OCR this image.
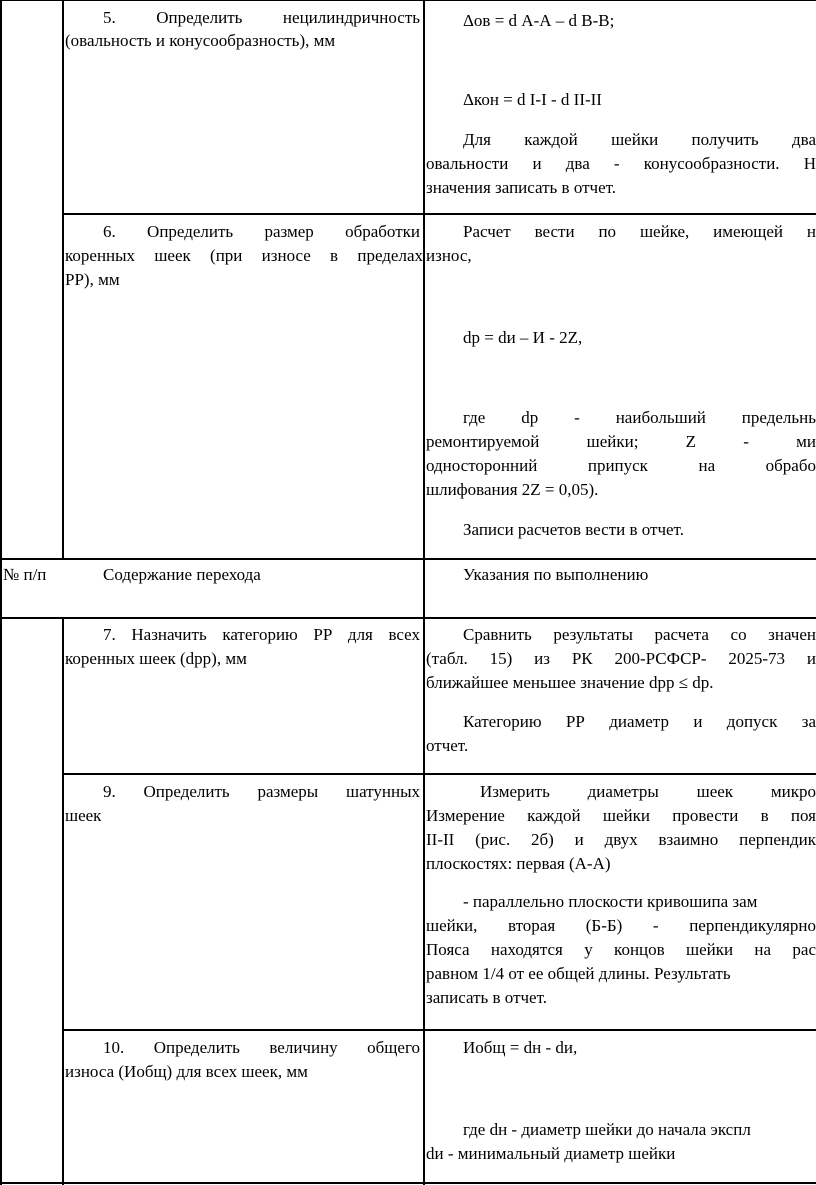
5. Определить нецилиндричность
(овальность и конусообразность), мм
Δов = d А-А – d В-В;
Δкон = d I-I - d II-II
Для каждой шейки получить два
овальности и два - конусообразности. Н
значения записать в отчет.
6. Определить размер обработки
коренных шеек (при износе в пределах
РР), мм
Расчет вести по шейке, имеющей н
износ,
dр = dи – И - 2Z,
где dр - наибольший предельнь
ремонтируемой шейки; Z - ми
односторонний припуск на обрабо
шлифования 2Z = 0,05).
Записи расчетов вести в отчет.
№ п/п	Содержание перехода	Указания по выполнению
7. Назначить категорию РР для всех
коренных шеек (dрр), мм
Сравнить результаты расчета со значен
(табл. 15) из РК 200-РСФСР- 2025-73 и
ближайшее меньшее значение dрр ≤ dр.
Категорию РР диаметр и допуск за
отчет.
9. Определить размеры шатунных
шеек
Измерить диаметры шеек микро
Измерение каждой шейки провести в поя
II-II (рис. 2б) и двух взаимно перпендик
плоскостях: первая (А-А)
- параллельно плоскости кривошипа зам
шейки, вторая (Б-Б) - перпендикулярно
Пояса находятся у концов шейки на рас
равном 1/4 от ее общей длины. Результать
записать в отчет.
10. Определить величину общего
износа (Иобщ) для всех шеек, мм
Иобщ = dн - dи,
где dн - диаметр шейки до начала экспл
dи - минимальный диаметр шейки
